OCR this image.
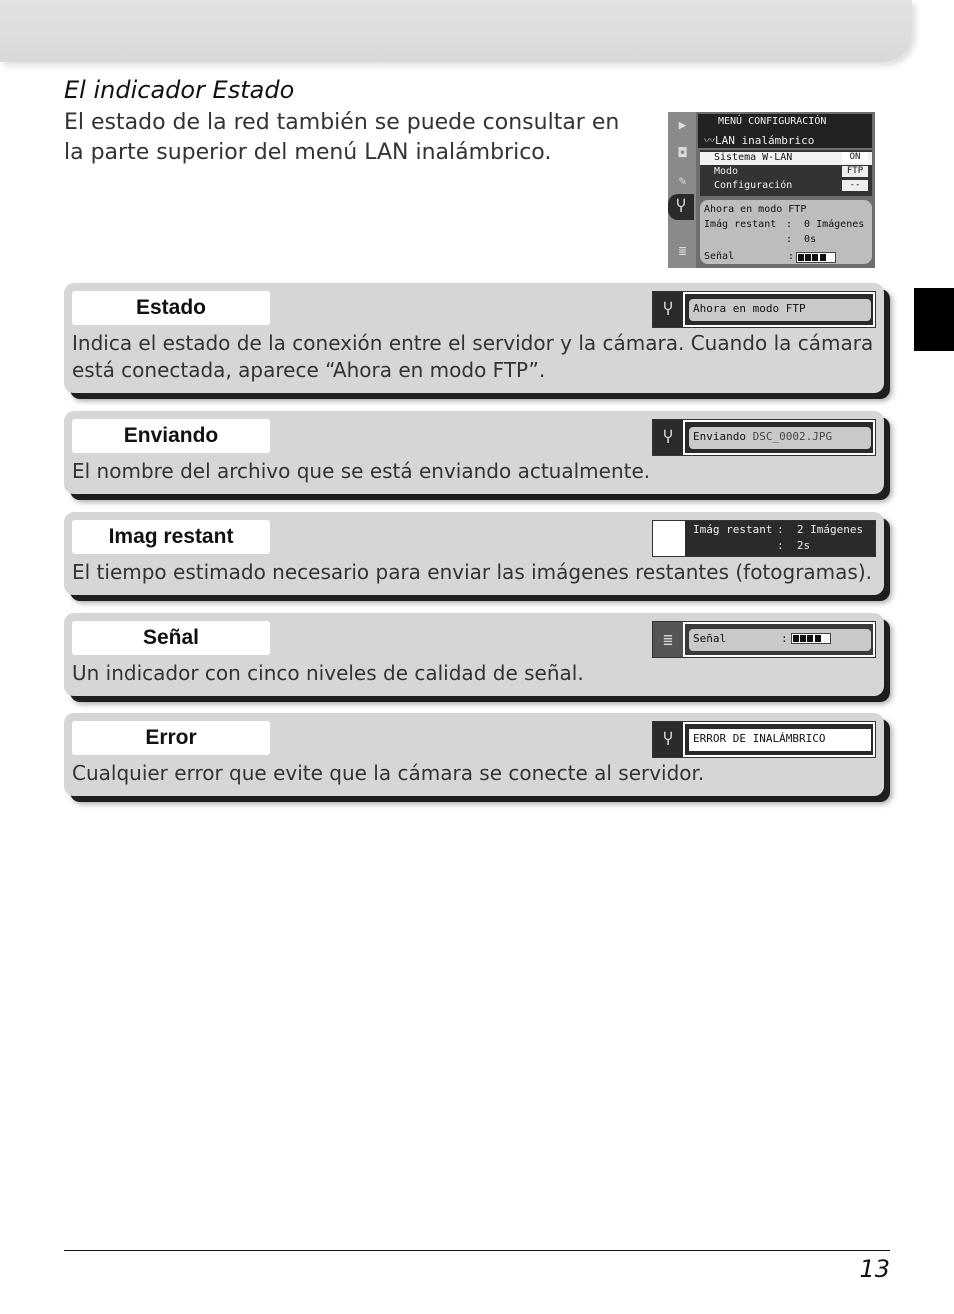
El indicador Estado

El estado de la red también se puede consultar en la parte superior del menú LAN inalámbrico.

▶
◘
✎
Ⴤ
≣
MENÚ CONFIGURACIÓN
〰LAN inalámbrico
Sistema W-LAN	ON
Modo	FTP
Configuración	--
Ahora en modo FTP
Imág restant :  0 Imágenes
:  0s
Señal	:
Estado	Ⴤ	Ahora en modo FTP

Indica el estado de la conexión entre el servidor y la cámara. Cuando la cámara está conectada, aparece “Ahora en modo FTP”.

Enviando	Ⴤ	Enviando DSC_0002.JPG

El nombre del archivo que se está enviando actualmente.

Imag restant	Imág restant :  2 Imágenes
:  2s

El tiempo estimado necesario para enviar las imágenes restantes (fotogramas).

Señal	≣	Señal	:

Un indicador con cinco niveles de calidad de señal.

Error	Ⴤ	ERROR DE INALÁMBRICO

Cualquier error que evite que la cámara se conecte al servidor.

13
